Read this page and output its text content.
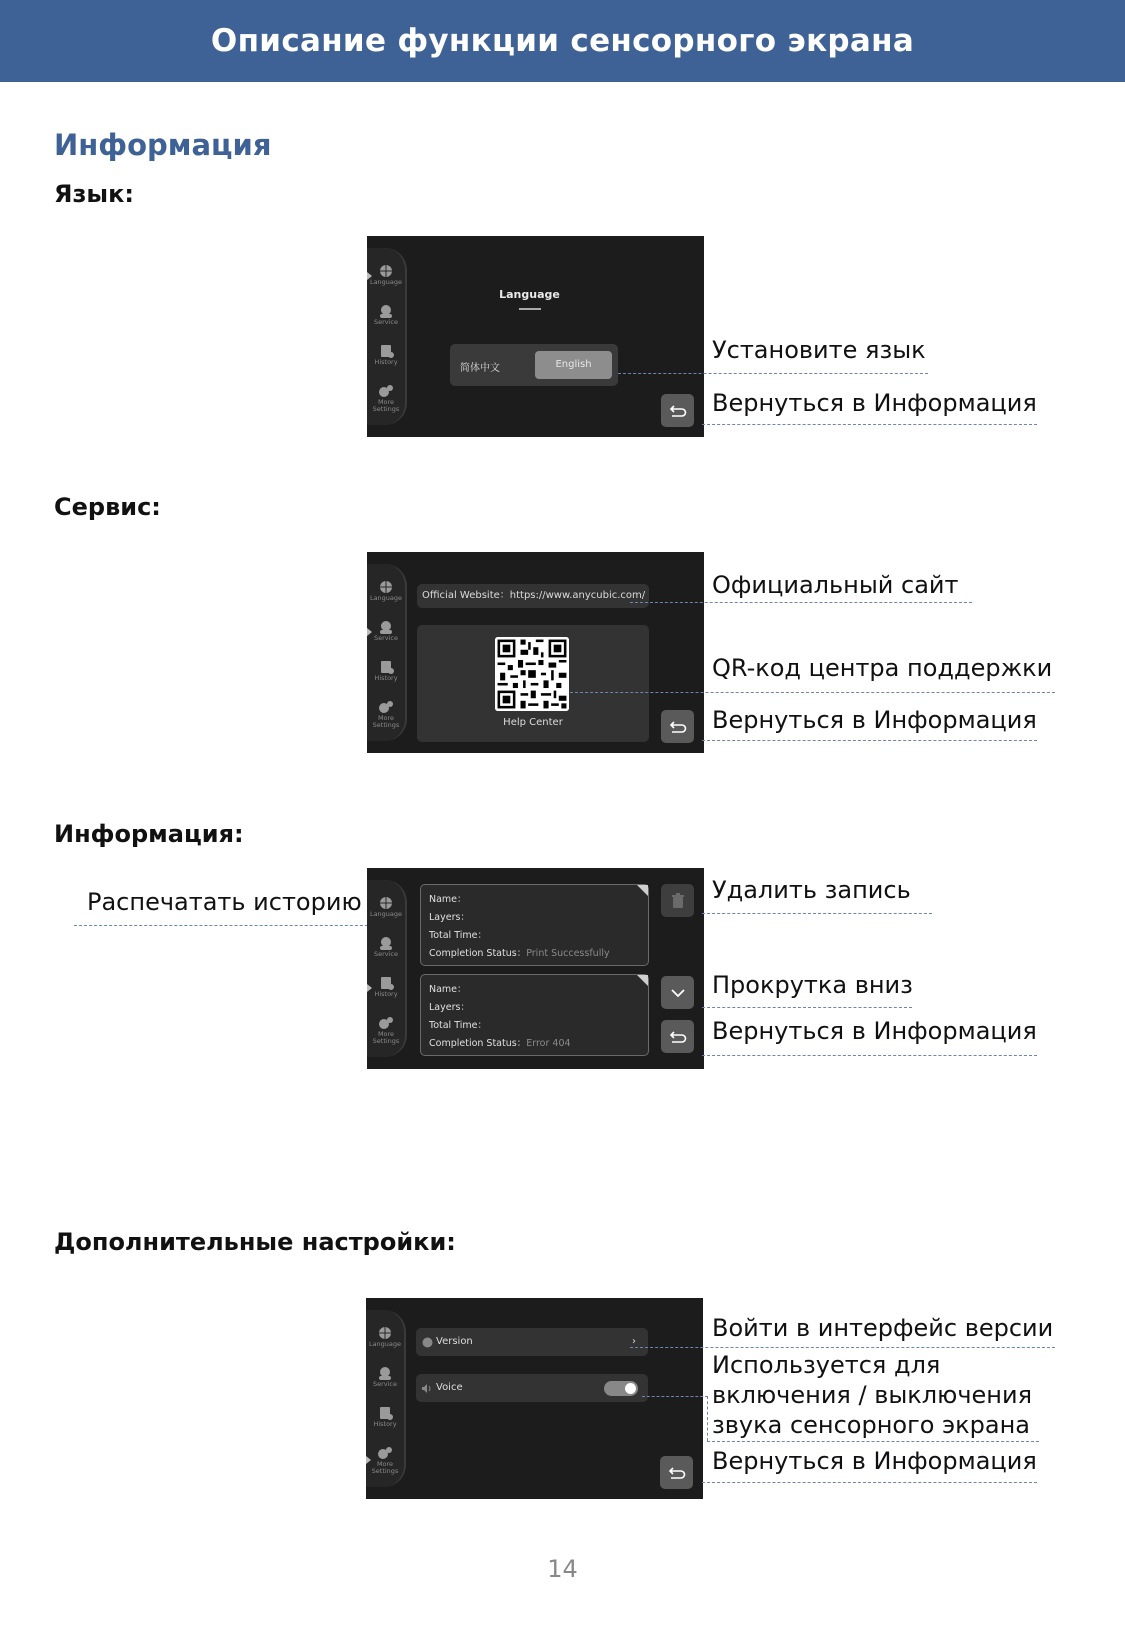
Описание функции сенсорного экрана
Информация
Язык:
Language
Service
History
More
Settings
Language
简体中文	English
Установите язык
Вернуться в Информация
Сервис:
Language
Service
History
More
Settings
Official Website：https://www.anycubic.com/
Help Center
Официальный сайт
QR-код центра поддержки
Вернуться в Информация
Информация:
Распечатать историю	Language
Service
History
More
Settings
Name：
Layers：
Total Time：
Completion Status：Print Successfully
Name：
Layers：
Total Time：
Completion Status：Error 404
Удалить запись
Прокрутка вниз
Вернуться в Информация
Дополнительные настройки:
Language
Service
History
More
Settings
Version	›
Voice
Войти в интерфейс версии
Используется для
включения / выключения
звука сенсорного экрана
Вернуться в Информация
14
